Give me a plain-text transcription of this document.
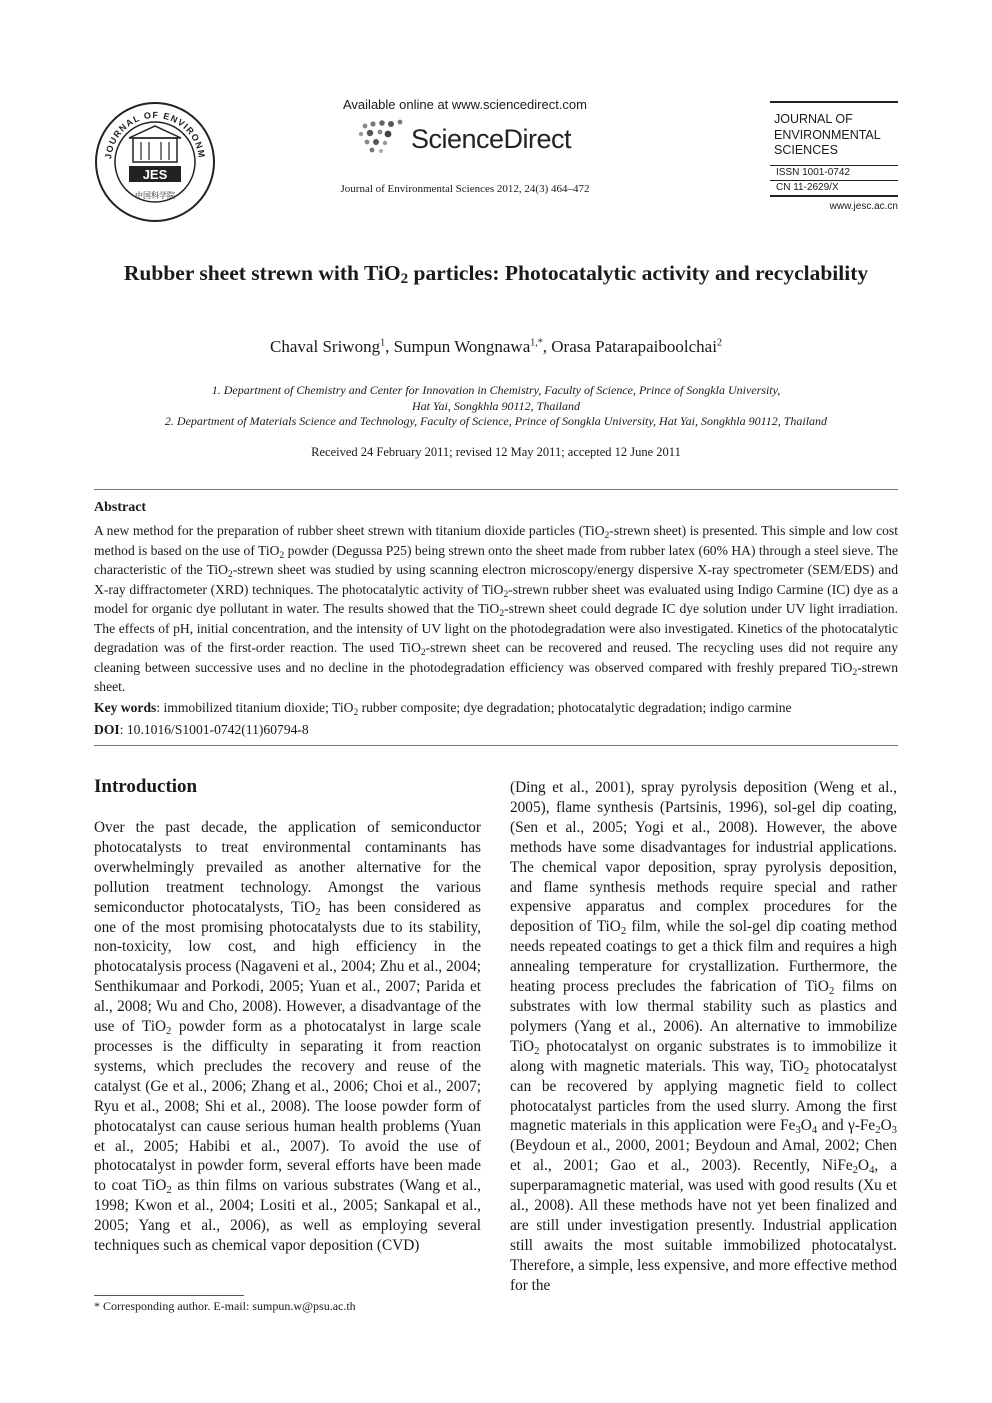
JOURNAL OF ENVIRONM
JES
中国科学院
Available online at www.sciencedirect.com
ScienceDirect
Journal of Environmental Sciences 2012, 24(3) 464–472
JOURNAL OF
ENVIRONMENTAL
SCIENCES
ISSN 1001-0742
CN 11-2629/X
www.jesc.ac.cn
Rubber sheet strewn with TiO$_2$ particles: Photocatalytic activity and recyclability
Chaval Sriwong$^1$, Sumpun Wongnawa$^{1,*}$, Orasa Patarapaiboolchai$^2$
1. Department of Chemistry and Center for Innovation in Chemistry, Faculty of Science, Prince of Songkla University,
Hat Yai, Songkhla 90112, Thailand
2. Department of Materials Science and Technology, Faculty of Science, Prince of Songkla University, Hat Yai, Songkhla 90112, Thailand
Received 24 February 2011; revised 12 May 2011; accepted 12 June 2011
Abstract
A new method for the preparation of rubber sheet strewn with titanium dioxide particles (TiO$_2$-strewn sheet) is presented. This simple and low cost method is based on the use of TiO$_2$ powder (Degussa P25) being strewn onto the sheet made from rubber latex (60% HA) through a steel sieve. The characteristic of the TiO$_2$-strewn sheet was studied by using scanning electron microscopy/energy dispersive X-ray spectrometer (SEM/EDS) and X-ray diffractometer (XRD) techniques. The photocatalytic activity of TiO$_2$-strewn rubber sheet was evaluated using Indigo Carmine (IC) dye as a model for organic dye pollutant in water. The results showed that the TiO$_2$-strewn sheet could degrade IC dye solution under UV light irradiation. The effects of pH, initial concentration, and the intensity of UV light on the photodegradation were also investigated. Kinetics of the photocatalytic degradation was of the first-order reaction. The used TiO$_2$-strewn sheet can be recovered and reused. The recycling uses did not require any cleaning between successive uses and no decline in the photodegradation efficiency was observed compared with freshly prepared TiO$_2$-strewn sheet.
Key words: immobilized titanium dioxide; TiO$_2$ rubber composite; dye degradation; photocatalytic degradation; indigo carmine
DOI: 10.1016/S1001-0742(11)60794-8
Introduction
Over the past decade, the application of semiconductor photocatalysts to treat environmental contaminants has overwhelmingly prevailed as another alternative for the pollution treatment technology. Amongst the various semiconductor photocatalysts, TiO$_2$ has been considered as one of the most promising photocatalysts due to its stability, non-toxicity, low cost, and high efficiency in the photocatalysis process (Nagaveni et al., 2004; Zhu et al., 2004; Senthikumaar and Porkodi, 2005; Yuan et al., 2007; Parida et al., 2008; Wu and Cho, 2008). However, a disadvantage of the use of TiO$_2$ powder form as a photocatalyst in large scale processes is the difficulty in separating it from reaction systems, which precludes the recovery and reuse of the catalyst (Ge et al., 2006; Zhang et al., 2006; Choi et al., 2007; Ryu et al., 2008; Shi et al., 2008). The loose powder form of photocatalyst can cause serious human health problems (Yuan et al., 2005; Habibi et al., 2007). To avoid the use of photocatalyst in powder form, several efforts have been made to coat TiO$_2$ as thin films on various substrates (Wang et al., 1998; Kwon et al., 2004; Lositi et al., 2005; Sankapal et al., 2005; Yang et al., 2006), as well as employing several techniques such as chemical vapor deposition (CVD)
(Ding et al., 2001), spray pyrolysis deposition (Weng et al., 2005), flame synthesis (Partsinis, 1996), sol-gel dip coating, (Sen et al., 2005; Yogi et al., 2008). However, the above methods have some disadvantages for industrial applications. The chemical vapor deposition, spray pyrolysis deposition, and flame synthesis methods require special and rather expensive apparatus and complex procedures for the deposition of TiO$_2$ film, while the sol-gel dip coating method needs repeated coatings to get a thick film and requires a high annealing temperature for crystallization. Furthermore, the heating process precludes the fabrication of TiO$_2$ films on substrates with low thermal stability such as plastics and polymers (Yang et al., 2006). An alternative to immobilize TiO$_2$ photocatalyst on organic substrates is to immobilize it along with magnetic materials. This way, TiO$_2$ photocatalyst can be recovered by applying magnetic field to collect photocatalyst particles from the used slurry. Among the first magnetic materials in this application were $Fe_3O_4$ and $\gamma-Fe_2O_3$ (Beydoun et al., 2000, 2001; Beydoun and Amal, 2002; Chen et al., 2001; Gao et al., 2003). Recently, $NiFe_2O_4$, a superparamagnetic material, was used with good results (Xu et al., 2008). All these methods have not yet been finalized and are still under investigation presently. Industrial application still awaits the most suitable immobilized photocatalyst. Therefore, a simple, less expensive, and more effective method for the
* Corresponding author. E-mail: sumpun.w@psu.ac.th
